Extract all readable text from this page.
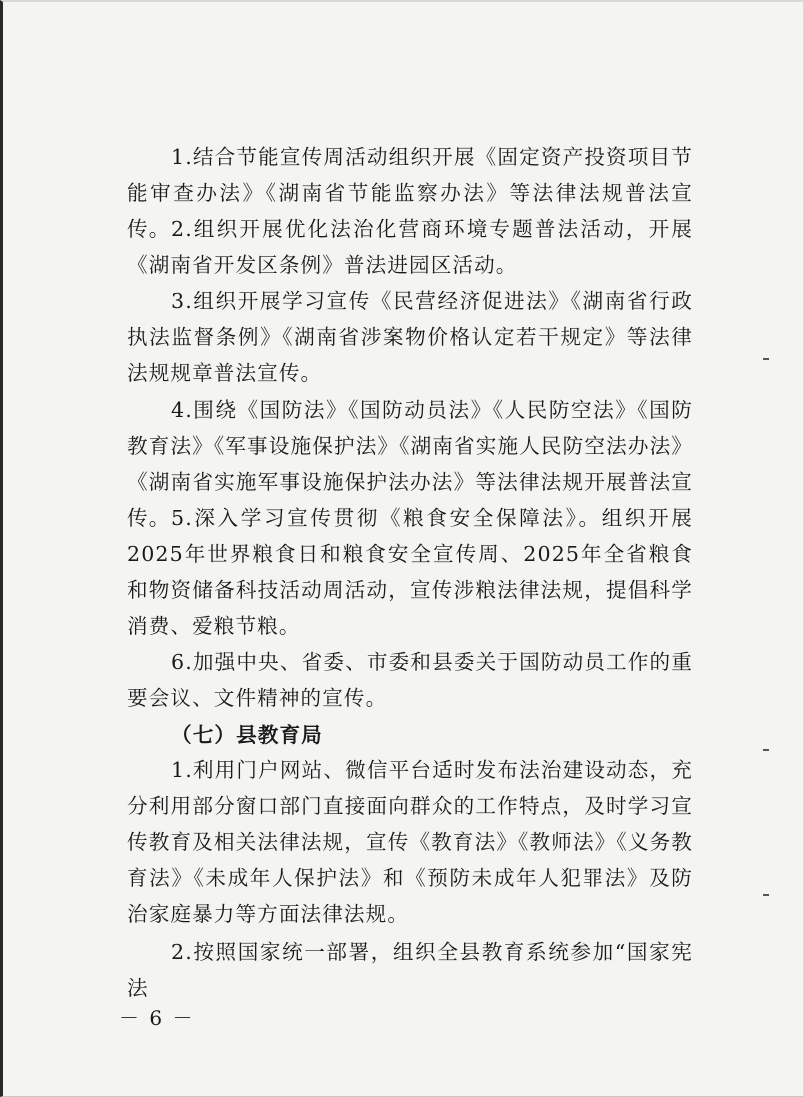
1.结合节能宣传周活动组织开展《固定资产投资项目节能审查办法》《湖南省节能监察办法》等法律法规普法宣传。 2.组织开展优化法治化营商环境专题普法活动，开展《湖南省开发区条例》普法进园区活动。

3.组织开展学习宣传《民营经济促进法》《湖南省行政执法监督条例》《湖南省涉案物价格认定若干规定》等法律法规规章普法宣传。

4.围绕《国防法》《国防动员法》《人民防空法》《国防教育法》《军事设施保护法》《湖南省实施人民防空法办法》《湖南省实施军事设施保护法办法》等法律法规开展普法宣传。 5.深入学习宣传贯彻《粮食安全保障法》。组织开展2025年世界粮食日和粮食安全宣传周、2025年全省粮食和物资储备科技活动周活动，宣传涉粮法律法规，提倡科学消费、爱粮节粮。

6.加强中央、省委、市委和县委关于国防动员工作的重要会议、文件精神的宣传。

（七）县教育局

1.利用门户网站、微信平台适时发布法治建设动态，充分利用部分窗口部门直接面向群众的工作特点，及时学习宣传教育及相关法律法规，宣传《教育法》《教师法》《义务教育法》《未成年人保护法》和《预防未成年人犯罪法》及防治家庭暴力等方面法律法规。

2.按照国家统一部署，组织全县教育系统参加“国家宪法

－ 6 －
